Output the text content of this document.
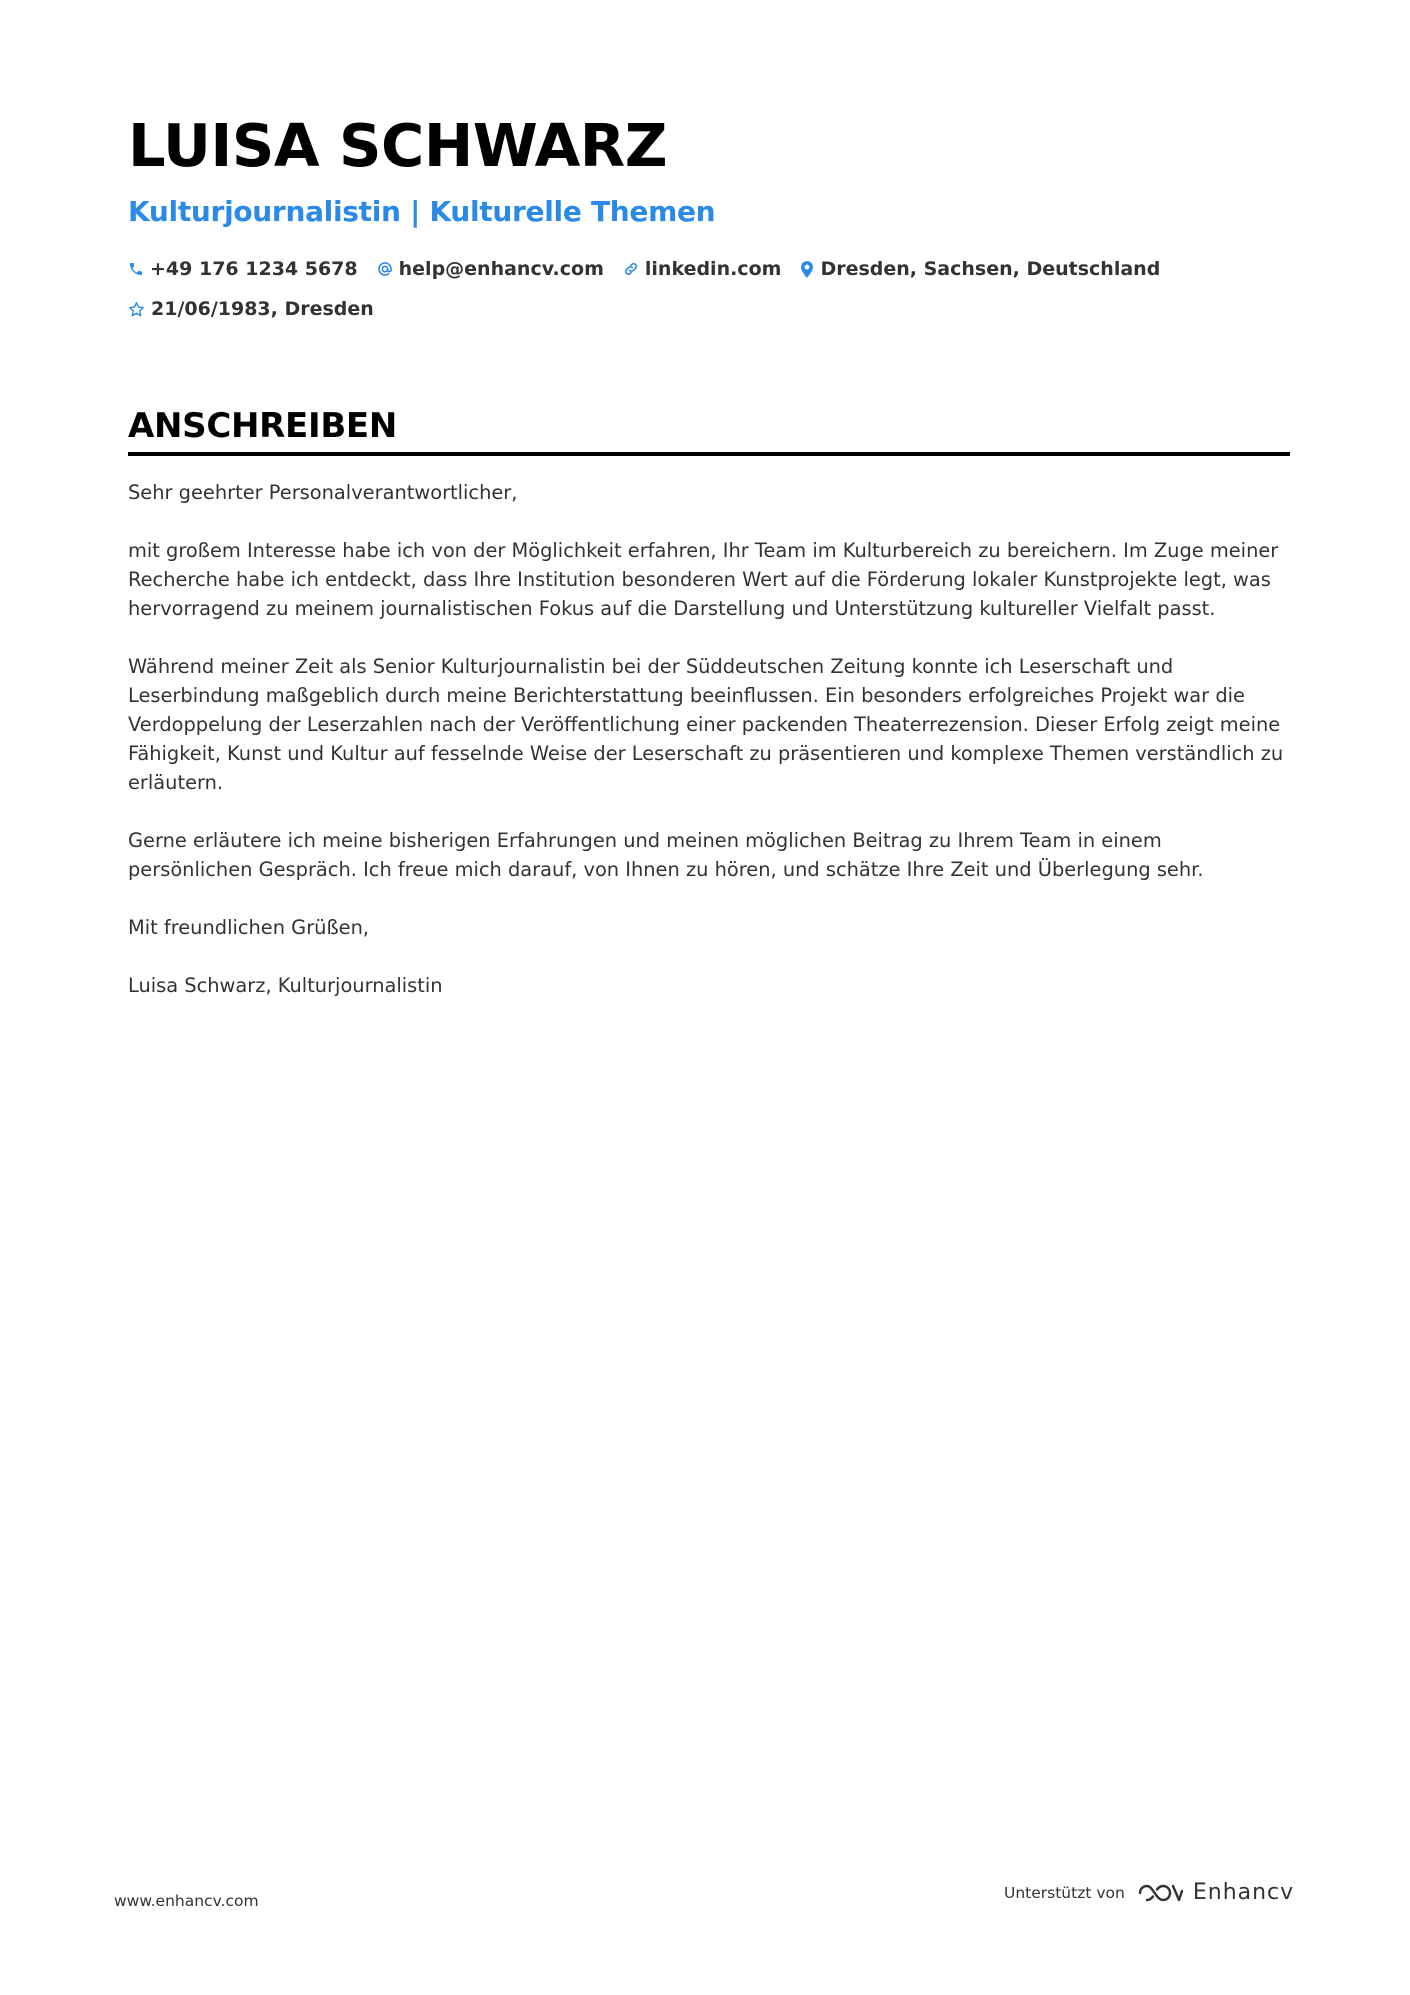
LUISA SCHWARZ
Kulturjournalistin | Kulturelle Themen
+49 176 1234 5678 help@enhancv.com linkedin.com Dresden, Sachsen, Deutschland
21/06/1983, Dresden
ANSCHREIBEN

Sehr geehrter Personalverantwortlicher,

mit großem Interesse habe ich von der Möglichkeit erfahren, Ihr Team im Kulturbereich zu bereichern. Im Zuge meiner Recherche habe ich entdeckt, dass Ihre Institution besonderen Wert auf die Förderung lokaler Kunstprojekte legt, was hervorragend zu meinem journalistischen Fokus auf die Darstellung und Unterstützung kultureller Vielfalt passt.

Während meiner Zeit als Senior Kulturjournalistin bei der Süddeutschen Zeitung konnte ich Leserschaft und Leserbindung maßgeblich durch meine Berichterstattung beeinflussen. Ein besonders erfolgreiches Projekt war die Verdoppelung der Leserzahlen nach der Veröffentlichung einer packenden Theaterrezension. Dieser Erfolg zeigt meine Fähigkeit, Kunst und Kultur auf fesselnde Weise der Leserschaft zu präsentieren und komplexe Themen verständlich zu erläutern.

Gerne erläutere ich meine bisherigen Erfahrungen und meinen möglichen Beitrag zu Ihrem Team in einem persönlichen Gespräch. Ich freue mich darauf, von Ihnen zu hören, und schätze Ihre Zeit und Überlegung sehr.

Mit freundlichen Grüßen,

Luisa Schwarz, Kulturjournalistin

www.enhancv.com	Unterstützt von	Enhancv
